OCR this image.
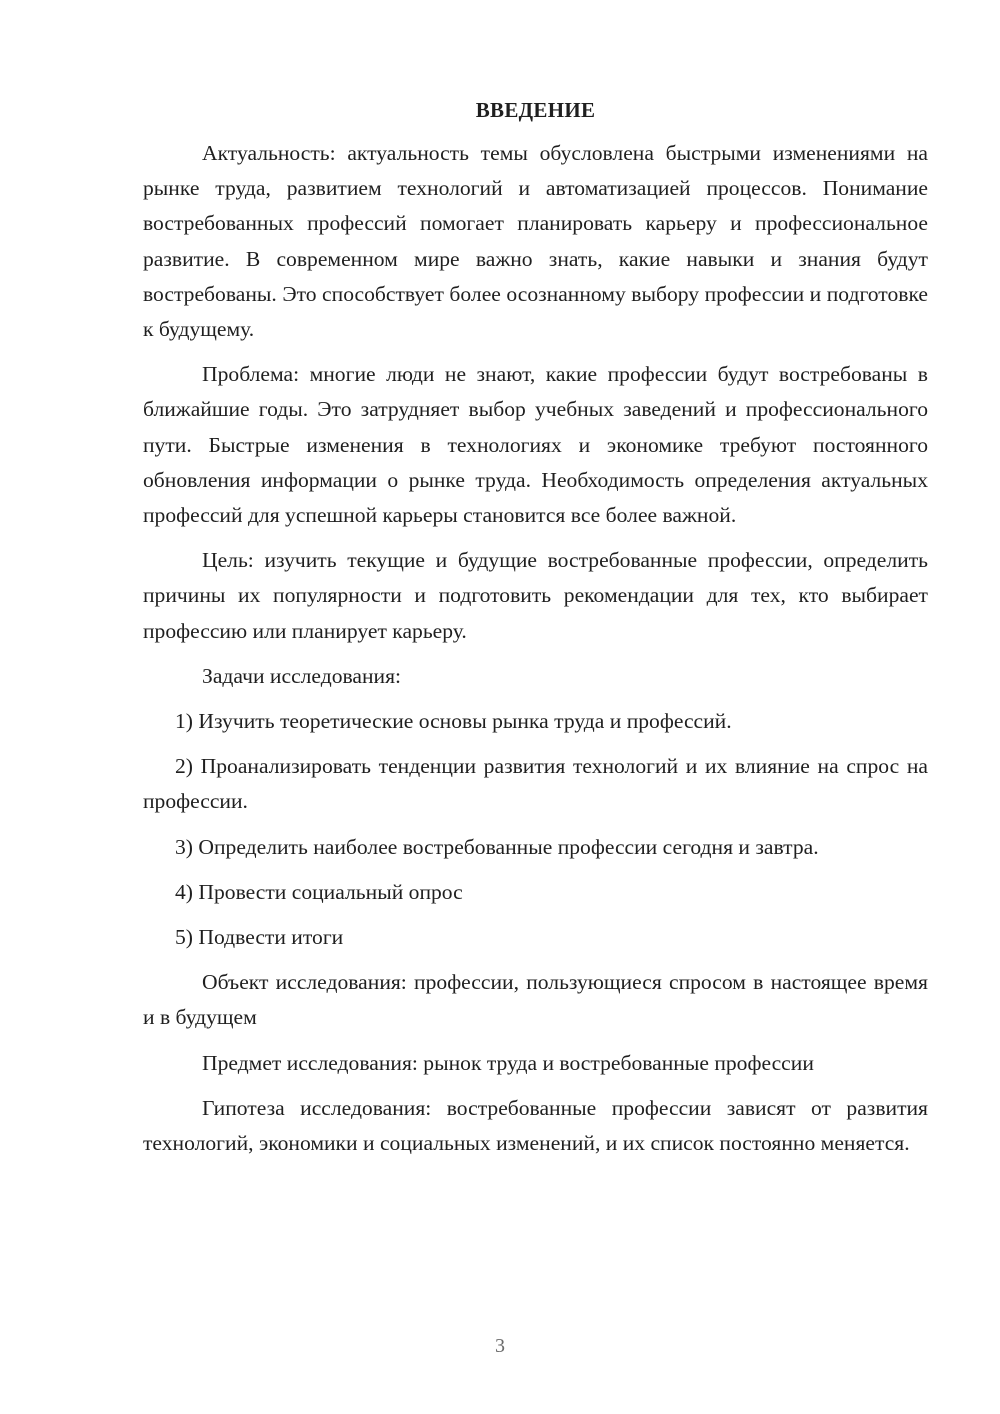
ВВЕДЕНИЕ

Актуальность: актуальность темы обусловлена быстрыми изменениями на рынке труда, развитием технологий и автоматизацией процессов. Понимание востребованных профессий помогает планировать карьеру и профессиональное развитие. В современном мире важно знать, какие навыки и знания будут востребованы. Это способствует более осознанному выбору профессии и подготовке к будущему.

Проблема: многие люди не знают, какие профессии будут востребованы в ближайшие годы. Это затрудняет выбор учебных заведений и профессионального пути. Быстрые изменения в технологиях и экономике требуют постоянного обновления информации о рынке труда. Необходимость определения актуальных профессий для успешной карьеры становится все более важной.

Цель: изучить текущие и будущие востребованные профессии, определить причины их популярности и подготовить рекомендации для тех, кто выбирает профессию или планирует карьеру.

Задачи исследования:

1) Изучить теоретические основы рынка труда и профессий.

2) Проанализировать тенденции развития технологий и их влияние на спрос на профессии.

3) Определить наиболее востребованные профессии сегодня и завтра.

4) Провести социальный опрос

5) Подвести итоги

Объект исследования: профессии, пользующиеся спросом в настоящее время и в будущем

Предмет исследования: рынок труда и востребованные профессии

Гипотеза исследования: востребованные профессии зависят от развития технологий, экономики и социальных изменений, и их список постоянно меняется.

3
